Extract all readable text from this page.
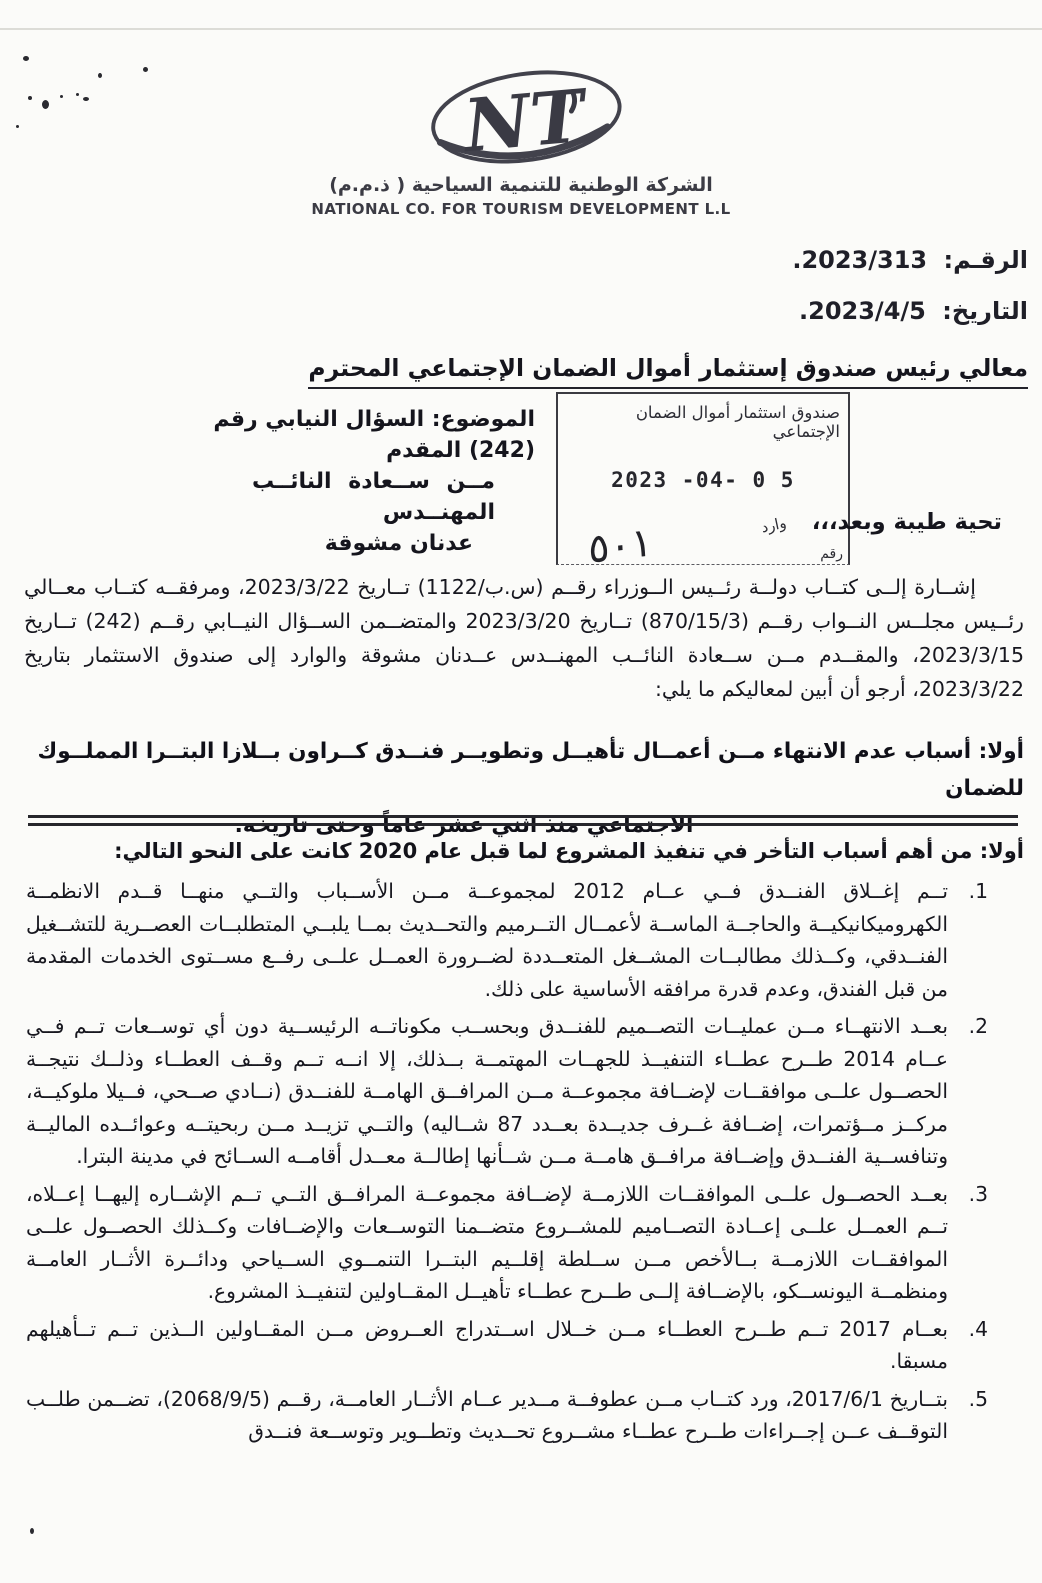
NT
الشركة الوطنية للتنمية السياحية ( ذ.م.م)
NATIONAL CO. FOR TOURISM DEVELOPMENT L.L
الرقـم: 2023/313.
التاريخ: 2023/4/5.
معالي رئيس صندوق إستثمار أموال الضمان الإجتماعي المحترم
الموضوع: السؤال النيابي رقم (242) المقدم
مــن ســعادة النائــب المهنــدس
عدنان مشوقة
صندوق استثمار أموال الضمان الإجتماعي
2023 -04- 0 5
وارد
رقم
٥٠١	تحية طيبة وبعد،،،
إشــارة إلــى كتــاب دولــة رئــيس الــوزراء رقــم (س.ب/1122) تــاريخ 2023/3/22، ومرفقــه كتــاب معــالي رئــيس مجلــس النــواب رقــم (870/15/3) تــاريخ 2023/3/20 والمتضــمن الســؤال النيــابي رقــم (242) تــاريخ 2023/3/15، والمقــدم مــن ســعادة النائــب المهنــدس عــدنان مشوقة والوارد إلى صندوق الاستثمار بتاريخ 2023/3/22، أرجو أن أبين لمعاليكم ما يلي:
أولا: أسباب عدم الانتهاء مــن أعمــال تأهيــل وتطويــر فنــدق كــراون بــلازا البتــرا المملــوك للضمان
الاجتماعي منذ اثني عشر عاماً وحتى تاريخه.
أولا: من أهم أسباب التأخر في تنفيذ المشروع لما قبل عام 2020 كانت على النحو التالي:
1.
تــم إغــلاق الفنــدق فــي عــام 2012 لمجموعــة مــن الأســباب والتــي منهــا قــدم الانظمــة الكهروميكانيكيــة والحاجــة الماســة لأعمــال التــرميم والتحــديث بمــا يلبــي المتطلبــات العصــرية للتشــغيل الفنــدقي، وكــذلك مطالبــات المشــغل المتعــددة لضــرورة العمــل علــى رفــع مســتوى الخدمات المقدمة من قبل الفندق، وعدم قدرة مرافقه الأساسية على ذلك.
2.
بعــد الانتهــاء مــن عمليــات التصــميم للفنــدق وبحســب مكوناتــه الرئيســية دون أي توســعات تــم فــي عــام 2014 طــرح عطــاء التنفيــذ للجهــات المهتمــة بــذلك، إلا انــه تــم وقــف العطــاء وذلــك نتيجــة الحصــول علــى موافقــات لإضــافة مجموعــة مــن المرافــق الهامــة للفنــدق (نــادي صــحي، فــيلا ملوكيــة، مركــز مــؤتمرات، إضــافة غــرف جديــدة بعــدد 87 شــاليه) والتــي تزيــد مــن ربحيتــه وعوائــده الماليــة وتنافســية الفنــدق وإضــافة مرافــق هامــة مــن شــأنها إطالــة معــدل أقامــه الســائح في مدينة البترا.
3.
بعــد الحصــول علــى الموافقــات اللازمــة لإضــافة مجموعــة المرافــق التــي تــم الإشــاره إليهــا إعــلاه، تــم العمــل علــى إعــادة التصــاميم للمشــروع متضــمنا التوســعات والإضــافات وكــذلك الحصــول علــى الموافقــات اللازمــة بــالأخص مــن ســلطة إقلــيم البتــرا التنمــوي الســياحي ودائــرة الأثــار العامــة ومنظمــة اليونســكو، بالإضــافة إلــى طــرح عطــاء تأهيــل المقــاولين لتنفيــذ المشروع.
4.
بعــام 2017 تــم طــرح العطــاء مــن خــلال اســتدراج العــروض مــن المقــاولين الــذين تــم تــأهيلهم مسبقا.
5.
بتــاريخ 2017/6/1، ورد كتــاب مــن عطوفــة مــدير عــام الأثــار العامــة، رقــم (2068/9/5)، تضــمن طلــب التوقــف عــن إجــراءات طــرح عطــاء مشــروع تحــديث وتطــوير وتوســعة فنــدق
